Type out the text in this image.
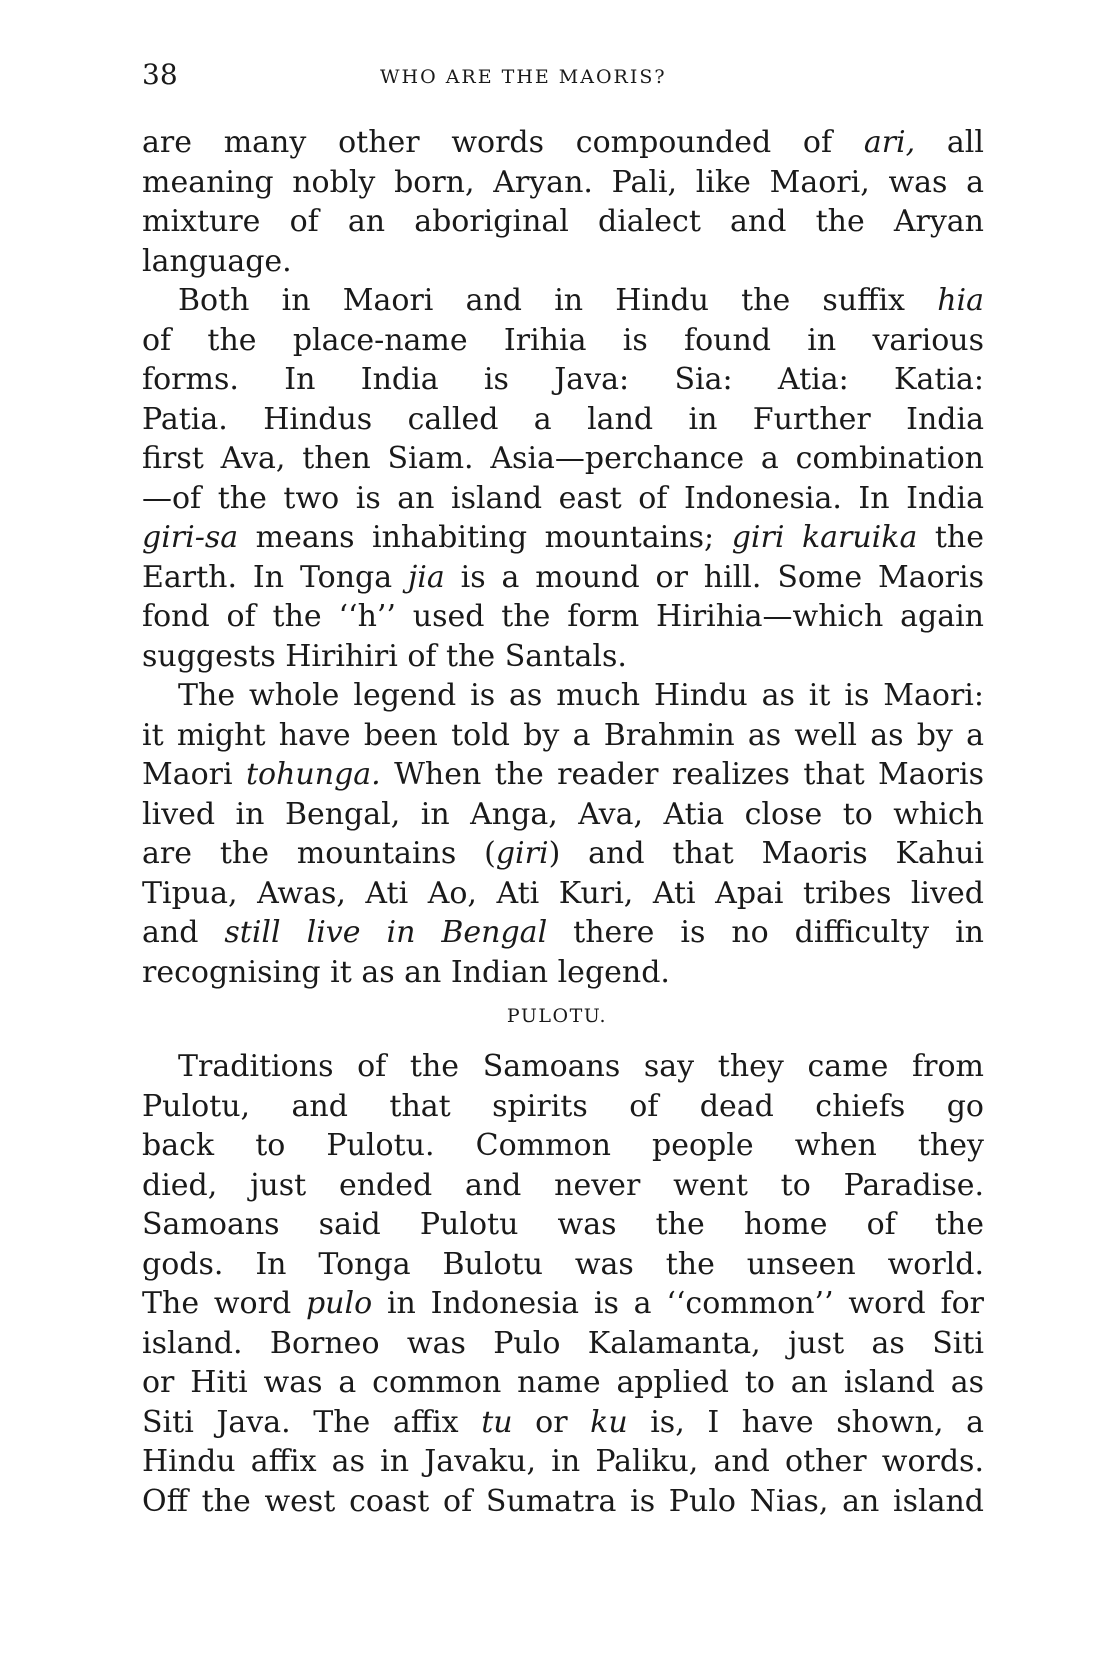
38	WHO ARE THE MAORIS?
are many other words compounded of ari, all
meaning nobly born, Aryan. Pali, like Maori, was a
mixture of an aboriginal dialect and the Aryan
language.
Both in Maori and in Hindu the suffix hia
of the place-name Irihia is found in various
forms. In India is Java: Sia: Atia: Katia:
Patia. Hindus called a land in Further India
first Ava, then Siam. Asia—perchance a combination
—of the two is an island east of Indonesia. In India
giri-sa means inhabiting mountains; giri karuika the
Earth. In Tonga jia is a mound or hill. Some Maoris
fond of the ‘‘h’’ used the form Hirihia—which again
suggests Hirihiri of the Santals.
The whole legend is as much Hindu as it is Maori:
it might have been told by a Brahmin as well as by a
Maori tohunga. When the reader realizes that Maoris
lived in Bengal, in Anga, Ava, Atia close to which
are the mountains (giri) and that Maoris Kahui
Tipua, Awas, Ati Ao, Ati Kuri, Ati Apai tribes lived
and still live in Bengal there is no difficulty in
recognising it as an Indian legend.
PULOTU.
Traditions of the Samoans say they came from
Pulotu, and that spirits of dead chiefs go
back to Pulotu. Common people when they
died, just ended and never went to Paradise.
Samoans said Pulotu was the home of the
gods. In Tonga Bulotu was the unseen world.
The word pulo in Indonesia is a ‘‘common’’ word for
island. Borneo was Pulo Kalamanta, just as Siti
or Hiti was a common name applied to an island as
Siti Java. The affix tu or ku is, I have shown, a
Hindu affix as in Javaku, in Paliku, and other words.
Off the west coast of Sumatra is Pulo Nias, an island
